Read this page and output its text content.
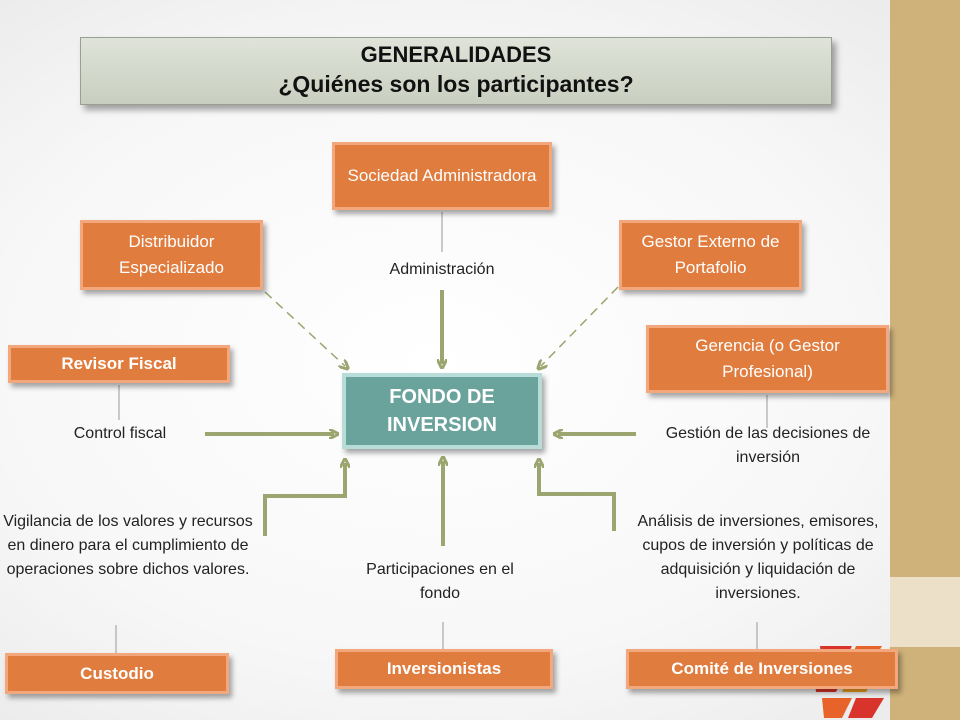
GENERALIDADES
¿Quiénes son los participantes?
Sociedad Administradora
Distribuidor Especializado
Gestor Externo de Portafolio
Revisor Fiscal
Gerencia (o Gestor Profesional)
Custodio	Inversionistas	Comité de Inversiones
FONDO DE INVERSION
Administración
Control fiscal	Gestión de las decisiones de inversión
Vigilancia de los valores y recursos en dinero para el cumplimiento de operaciones sobre dichos valores.	Participaciones en el fondo
Análisis de inversiones, emisores, cupos de inversión y políticas de adquisición y liquidación de inversiones.
